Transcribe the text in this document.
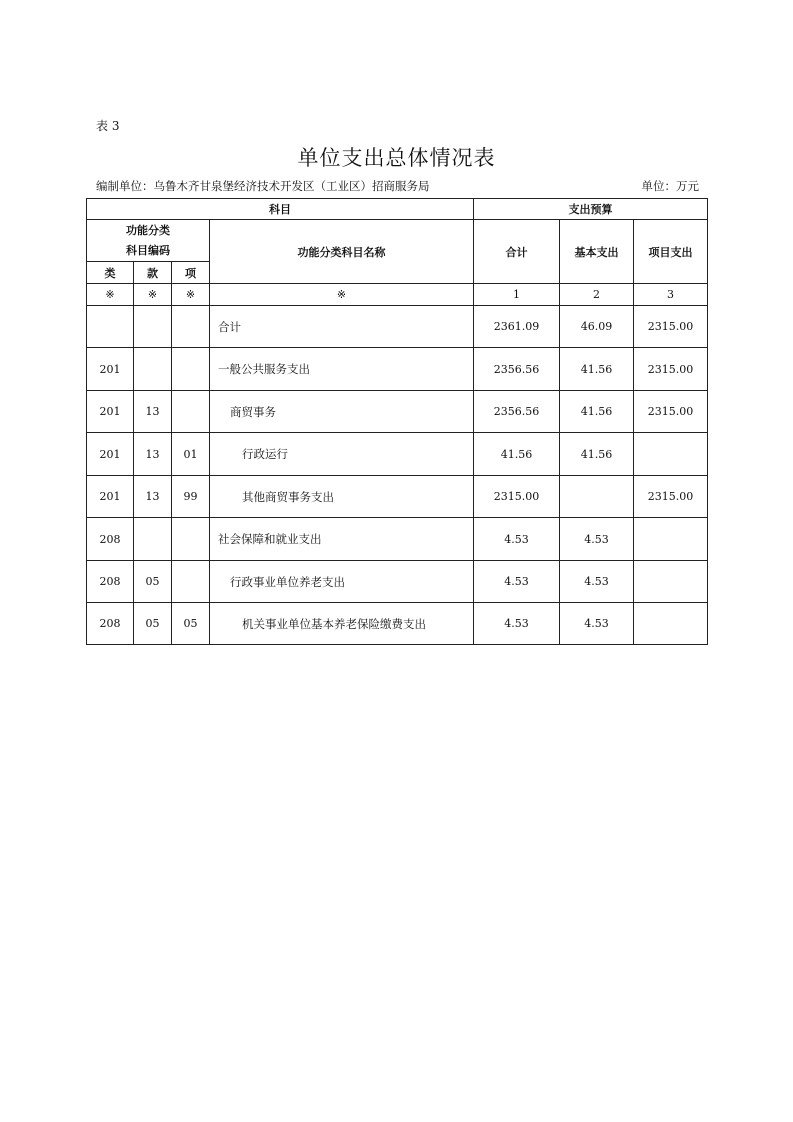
表 3
单位支出总体情况表
编制单位：乌鲁木齐甘泉堡经济技术开发区（工业区）招商服务局	单位：万元
科目				支出预算		

功能分类
科目编码			功能分类科目名称	合计	基本支出	项目支出
类	款	项				
※	※	※	※	1	2	3
			合计	2361.09	46.09	2315.00
201			一般公共服务支出	2356.56	41.56	2315.00
201	13		商贸事务	2356.56	41.56	2315.00
201	13	01	行政运行	41.56	41.56	
201	13	99	其他商贸事务支出	2315.00		2315.00
208			社会保障和就业支出	4.53	4.53	
208	05		行政事业单位养老支出	4.53	4.53	
208	05	05	机关事业单位基本养老保险缴费支出	4.53	4.53	
